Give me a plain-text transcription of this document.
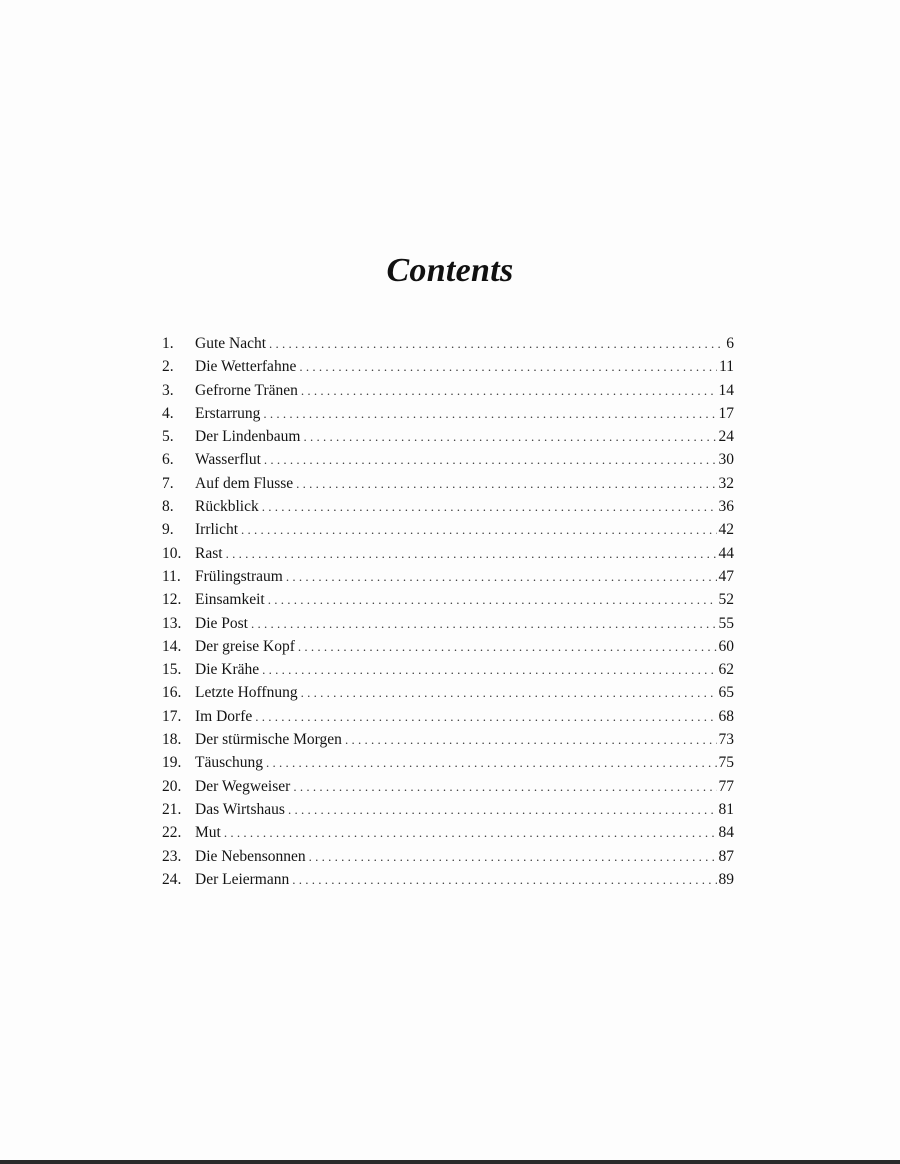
Contents
1.	Gute Nacht . . .	6
2.	Die Wetterfahne . . .	11
3.	Gefrorne Tränen . . .	14
4.	Erstarrung . . .	17
5.	Der Lindenbaum . . .	24
6.	Wasserflut . . .	30
7.	Auf dem Flusse . . .	32
8.	Rückblick . . .	36
9.	Irrlicht . . .	42
10. Rast . . .	44
11. Frülingstraum . . .	47
12. Einsamkeit . . .	52
13. Die Post . . .	55
14. Der greise Kopf . . .	60
15. Die Krähe . . .	62
16. Letzte Hoffnung . . .	65
17. Im Dorfe . . .	68
18. Der stürmische Morgen . . .	73
19. Täuschung . . .	75
20. Der Wegweiser . . .	77
21. Das Wirtshaus . . .	81
22. Mut . . .	84
23. Die Nebensonnen . . .	87
24. Der Leiermann . . .	89
